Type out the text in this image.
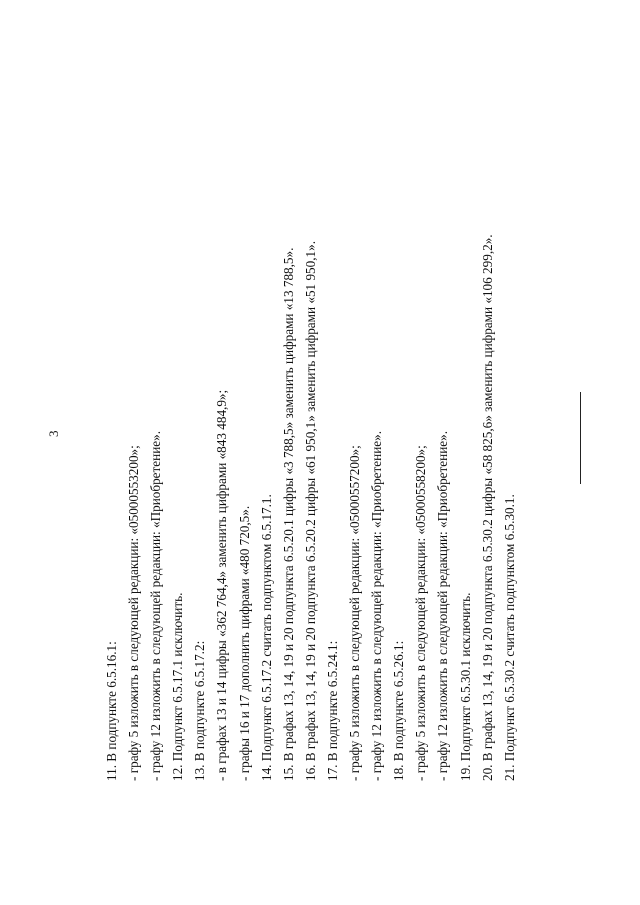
3
11. В подпункте 6.5.16.1: - графу 5 изложить в следующей редакции: «05000553200»; - графу 12 изложить в следующей редакции: «Приобретение». 12. Подпункт 6.5.17.1 исключить. 13. В подпункте 6.5.17.2: - в графах 13 и 14 цифры «362 764,4» заменить цифрами «843 484,9»; - графы 16 и 17 дополнить цифрами «480 720,5». 14. Подпункт 6.5.17.2 считать подпунктом 6.5.17.1. 15. В графах 13, 14, 19 и 20 подпункта 6.5.20.1 цифры «3 788,5» заменить цифрами «13 788,5». 16. В графах 13, 14, 19 и 20 подпункта 6.5.20.2 цифры «61 950,1» заменить цифрами «51 950,1». 17. В подпункте 6.5.24.1: - графу 5 изложить в следующей редакции: «05000557200»; - графу 12 изложить в следующей редакции: «Приобретение». 18. В подпункте 6.5.26.1: - графу 5 изложить в следующей редакции: «05000558200»; - графу 12 изложить в следующей редакции: «Приобретение». 19. Подпункт 6.5.30.1 исключить. 20. В графах 13, 14, 19 и 20 подпункта 6.5.30.2 цифры «58 825,6» заменить цифрами «106 299,2». 21. Подпункт 6.5.30.2 считать подпунктом 6.5.30.1.
